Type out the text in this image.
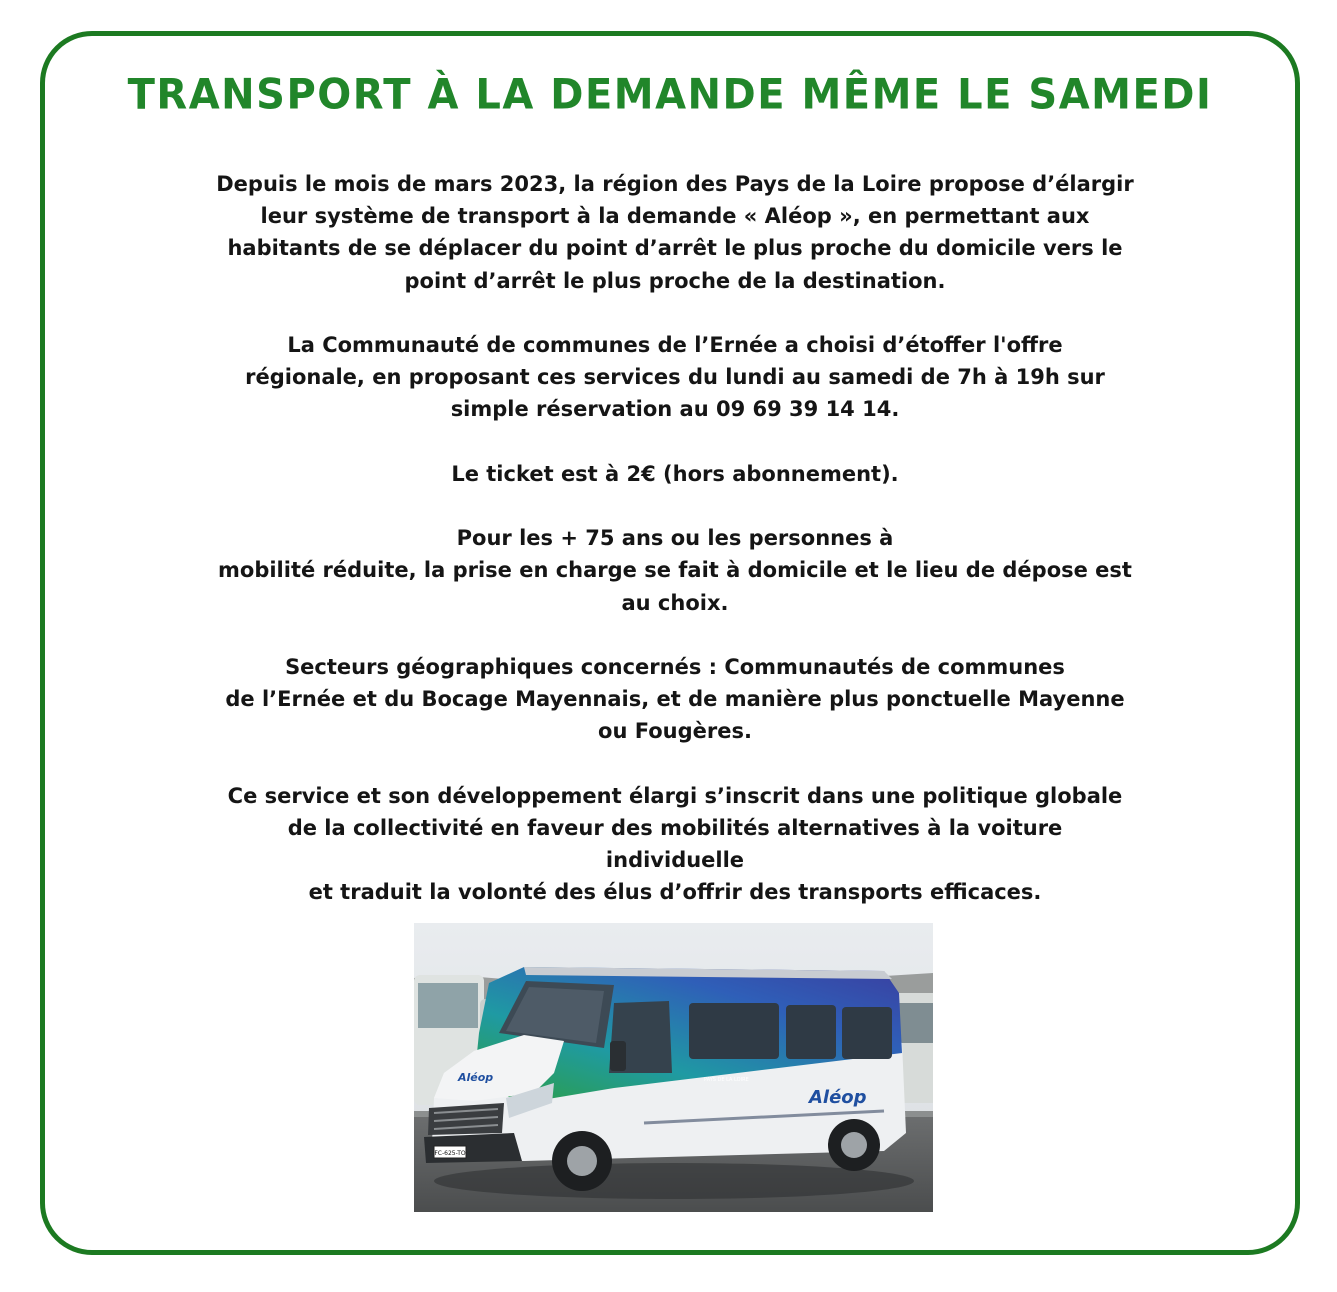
TRANSPORT À LA DEMANDE MÊME LE SAMEDI

Depuis le mois de mars 2023, la région des Pays de la Loire propose d’élargir
leur système de transport à la demande « Aléop », en permettant aux
habitants de se déplacer du point d’arrêt le plus proche du domicile vers le
point d’arrêt le plus proche de la destination.

La Communauté de communes de l’Ernée a choisi d’étoffer l'offre
régionale, en proposant ces services du lundi au samedi de 7h à 19h sur
simple réservation au 09 69 39 14 14.

Le ticket est à 2€ (hors abonnement).

Pour les + 75 ans ou les personnes à
mobilité réduite, la prise en charge se fait à domicile et le lieu de dépose est
au choix.

Secteurs géographiques concernés : Communautés de communes
de l’Ernée et du Bocage Mayennais, et de manière plus ponctuelle Mayenne
ou Fougères.

Ce service et son développement élargi s’inscrit dans une politique globale
de la collectivité en faveur des mobilités alternatives à la voiture
individuelle
et traduit la volonté des élus d’offrir des transports efficaces.

FC-625-TO
Aléop
PAYS DE LA LOIRE
Aléop
